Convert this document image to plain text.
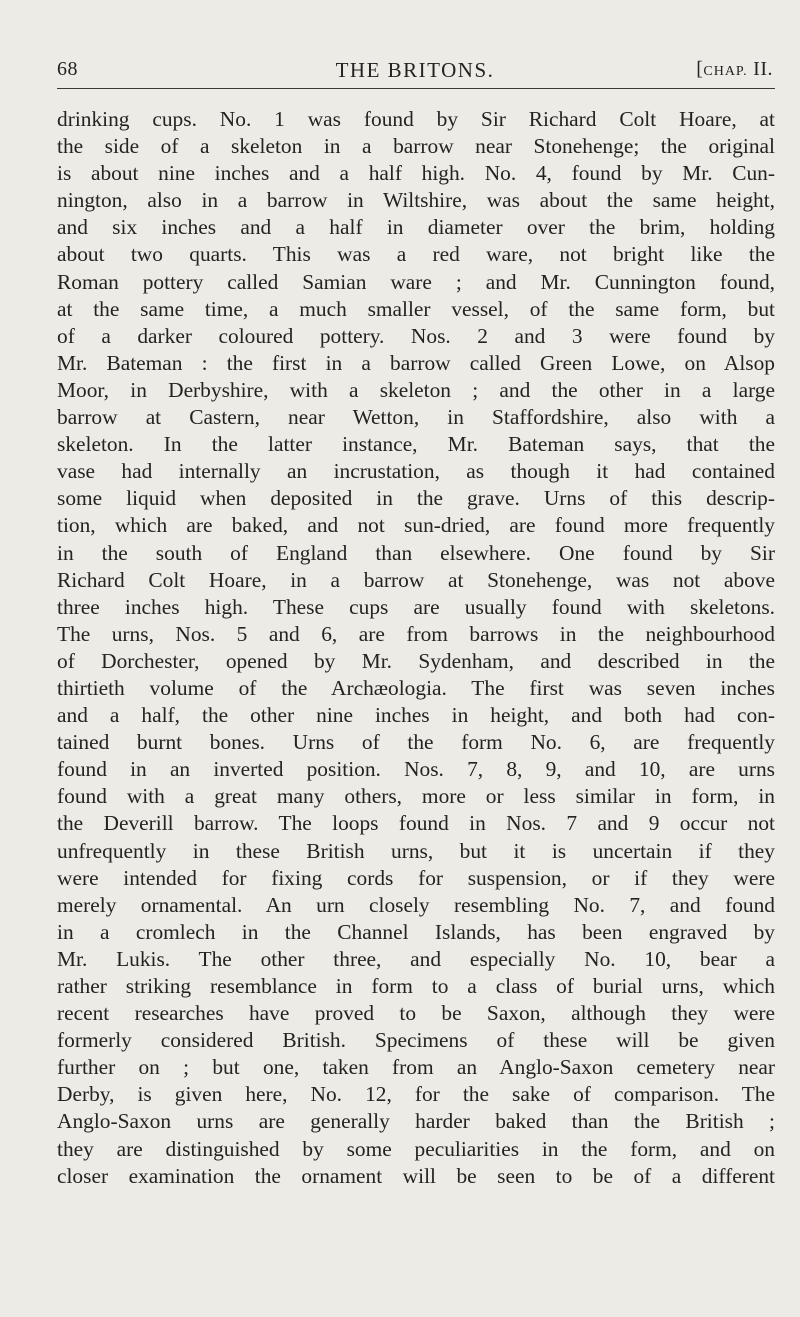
68	THE BRITONS.	[CHAP. II.
drinking cups. No. 1 was found by Sir Richard Colt Hoare, at
the side of a skeleton in a barrow near Stonehenge; the original
is about nine inches and a half high. No. 4, found by Mr. Cun-
nington, also in a barrow in Wiltshire, was about the same height,
and six inches and a half in diameter over the brim, holding
about two quarts. This was a red ware, not bright like the
Roman pottery called Samian ware ; and Mr. Cunnington found,
at the same time, a much smaller vessel, of the same form, but
of a darker coloured pottery. Nos. 2 and 3 were found by
Mr. Bateman : the first in a barrow called Green Lowe, on Alsop
Moor, in Derbyshire, with a skeleton ; and the other in a large
barrow at Castern, near Wetton, in Staffordshire, also with a
skeleton. In the latter instance, Mr. Bateman says, that the
vase had internally an incrustation, as though it had contained
some liquid when deposited in the grave. Urns of this descrip-
tion, which are baked, and not sun-dried, are found more frequently
in the south of England than elsewhere. One found by Sir
Richard Colt Hoare, in a barrow at Stonehenge, was not above
three inches high. These cups are usually found with skeletons.
The urns, Nos. 5 and 6, are from barrows in the neighbourhood
of Dorchester, opened by Mr. Sydenham, and described in the
thirtieth volume of the Archæologia. The first was seven inches
and a half, the other nine inches in height, and both had con-
tained burnt bones. Urns of the form No. 6, are frequently
found in an inverted position. Nos. 7, 8, 9, and 10, are urns
found with a great many others, more or less similar in form, in
the Deverill barrow. The loops found in Nos. 7 and 9 occur not
unfrequently in these British urns, but it is uncertain if they
were intended for fixing cords for suspension, or if they were
merely ornamental. An urn closely resembling No. 7, and found
in a cromlech in the Channel Islands, has been engraved by
Mr. Lukis. The other three, and especially No. 10, bear a
rather striking resemblance in form to a class of burial urns, which
recent researches have proved to be Saxon, although they were
formerly considered British. Specimens of these will be given
further on ; but one, taken from an Anglo-Saxon cemetery near
Derby, is given here, No. 12, for the sake of comparison. The
Anglo-Saxon urns are generally harder baked than the British ;
they are distinguished by some peculiarities in the form, and on
closer examination the ornament will be seen to be of a different
